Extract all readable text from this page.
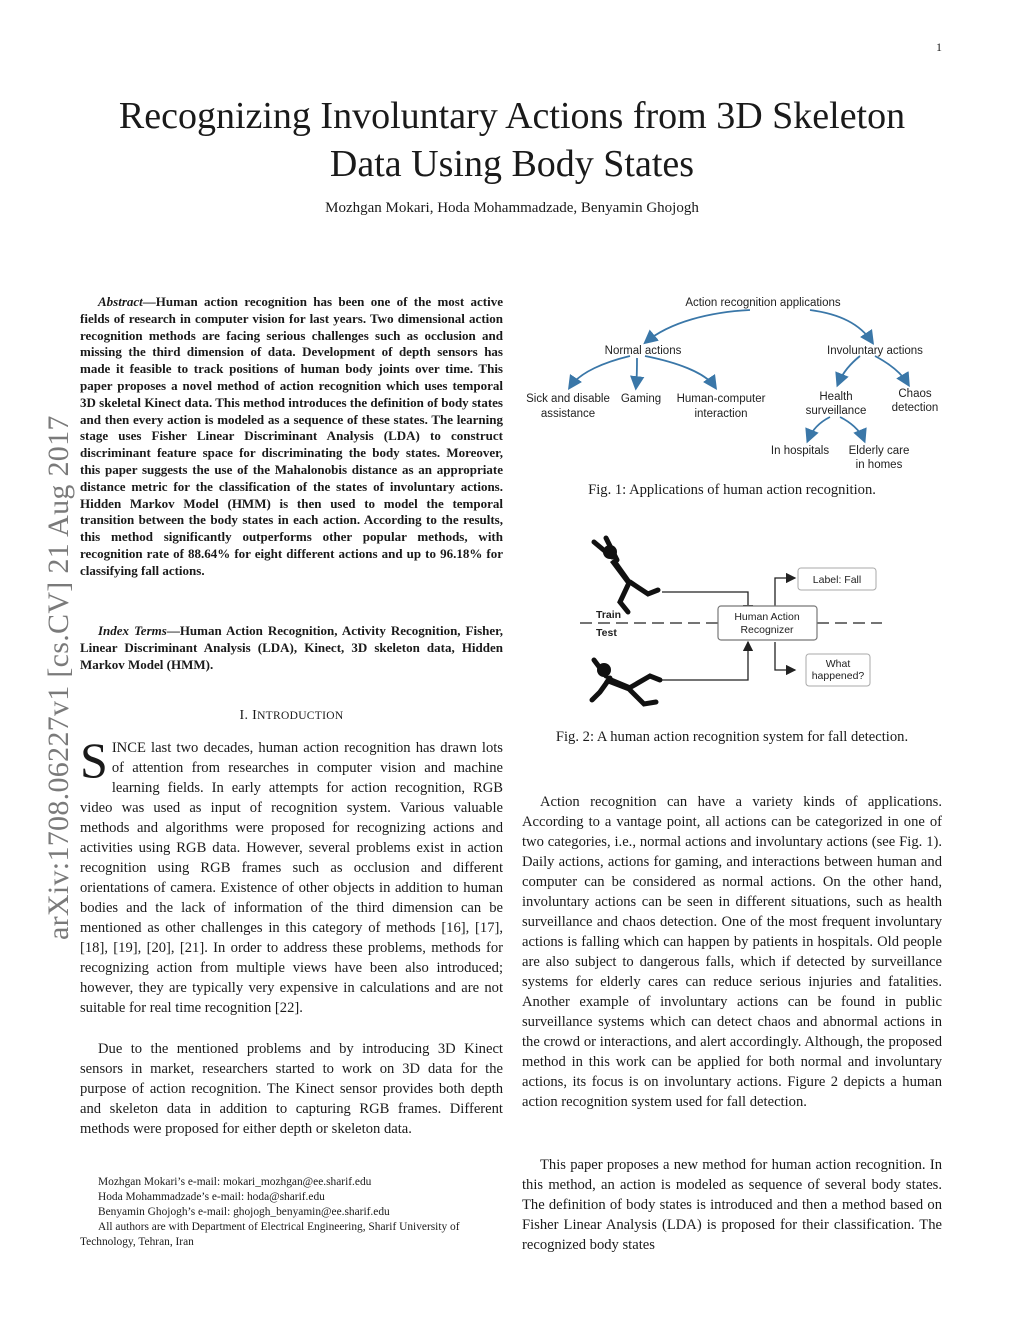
1
arXiv:1708.06227v1 [cs.CV] 21 Aug 2017
Recognizing Involuntary Actions from 3D Skeleton
Data Using Body States
Mozhgan Mokari, Hoda Mohammadzade, Benyamin Ghojogh
Abstract—Human action recognition has been one of the most active fields of research in computer vision for last years. Two dimensional action recognition methods are facing serious challenges such as occlusion and missing the third dimension of data. Development of depth sensors has made it feasible to track positions of human body joints over time. This paper proposes a novel method of action recognition which uses temporal 3D skeletal Kinect data. This method introduces the definition of body states and then every action is modeled as a sequence of these states. The learning stage uses Fisher Linear Discriminant Analysis (LDA) to construct discriminant feature space for discriminating the body states. Moreover, this paper suggests the use of the Mahalonobis distance as an appropriate distance metric for the classification of the states of involuntary actions. Hidden Markov Model (HMM) is then used to model the temporal transition between the body states in each action. According to the results, this method significantly outperforms other popular methods, with recognition rate of 88.64% for eight different actions and up to 96.18% for classifying fall actions.
Index Terms—Human Action Recognition, Activity Recognition, Fisher, Linear Discriminant Analysis (LDA), Kinect, 3D skeleton data, Hidden Markov Model (HMM).
I. INTRODUCTION
SINCE last two decades, human action recognition has drawn lots of attention from researches in computer vision and machine learning fields. In early attempts for action recognition, RGB video was used as input of recognition system. Various valuable methods and algorithms were proposed for recognizing actions and activities using RGB data. However, several problems exist in action recognition using RGB frames such as occlusion and different orientations of camera. Existence of other objects in addition to human bodies and the lack of information of the third dimension can be mentioned as other challenges in this category of methods [16], [17], [18], [19], [20], [21]. In order to address these problems, methods for recognizing action from multiple views have been also introduced; however, they are typically very expensive in calculations and are not suitable for real time recognition [22].
Due to the mentioned problems and by introducing 3D Kinect sensors in market, researchers started to work on 3D data for the purpose of action recognition. The Kinect sensor provides both depth and skeleton data in addition to capturing RGB frames. Different methods were proposed for either depth or skeleton data.

Mozhgan Mokari’s e-mail: mokari_mozhgan@ee.sharif.edu

Hoda Mohammadzade’s e-mail: hoda@sharif.edu

Benyamin Ghojogh’s e-mail: ghojogh_benyamin@ee.sharif.edu

All authors are with Department of Electrical Engineering, Sharif University of Technology, Tehran, Iran

Action recognition applications
Normal actions	Involuntary actions
Sick and disable
assistance
Gaming Human-computer
interaction
Health
surveillance
Chaos
detection
In hospitals Elderly care
in homes
Fig. 1: Applications of human action recognition.
Human Action
Recognizer
Label: Fall
What
happened?
Train
Test
Fig. 2: A human action recognition system for fall detection.
Action recognition can have a variety kinds of applications. According to a vantage point, all actions can be categorized in one of two categories, i.e., normal actions and involuntary actions (see Fig. 1). Daily actions, actions for gaming, and interactions between human and computer can be considered as normal actions. On the other hand, involuntary actions can be seen in different situations, such as health surveillance and chaos detection. One of the most frequent involuntary actions is falling which can happen by patients in hospitals. Old people are also subject to dangerous falls, which if detected by surveillance systems for elderly cares can reduce serious injuries and fatalities. Another example of involuntary actions can be found in public surveillance systems which can detect chaos and abnormal actions in the crowd or interactions, and alert accordingly. Although, the proposed method in this work can be applied for both normal and involuntary actions, its focus is on involuntary actions. Figure 2 depicts a human action recognition system used for fall detection.
This paper proposes a new method for human action recognition. In this method, an action is modeled as sequence of several body states. The definition of body states is introduced and then a method based on Fisher Linear Analysis (LDA) is proposed for their classification. The recognized body states
